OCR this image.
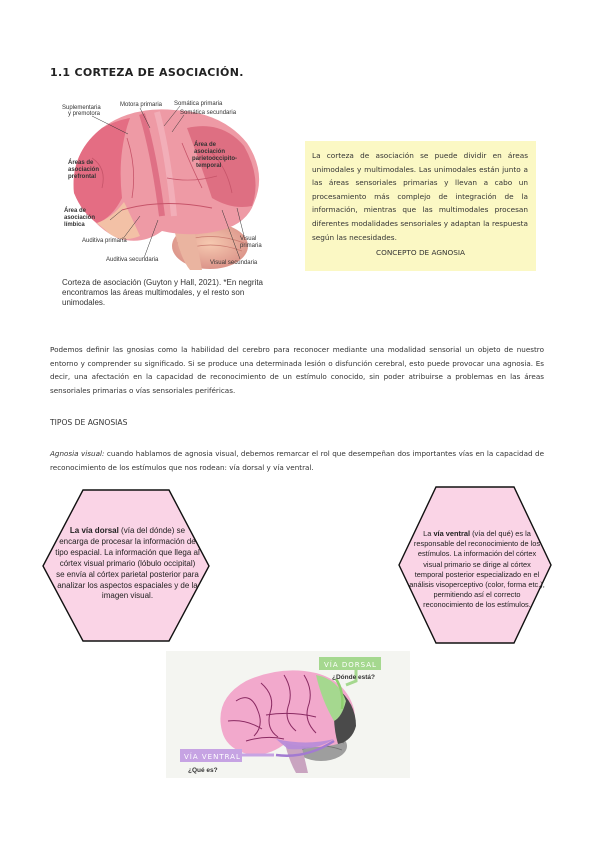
1.1 CORTEZA DE ASOCIACIÓN.
Suplementaria
y premotora
Motora primaria Somática primaria
Somática secundaria
Áreas de
asociación
prefrontal
Área de
asociación
límbica
Área de
asociación
parietooccipito-
temporal
Auditiva primaria
Auditiva secundaria
Visual
primaria
Visual secundaria
Corteza de asociación (Guyton y Hall, 2021). *En negrita encontramos las áreas multimodales, y el resto son unimodales.
La corteza de asociación se puede dividir en áreas unimodales y multimodales. Las unimodales están junto a las áreas sensoriales primarias y llevan a cabo un procesamiento más complejo de integración de la información, mientras que las multimodales procesan diferentes modalidades sensoriales y adaptan la respuesta según las necesidades.
CONCEPTO DE AGNOSIA
Podemos definir las gnosias como la habilidad del cerebro para reconocer mediante una modalidad sensorial un objeto de nuestro entorno y comprender su significado. Si se produce una determinada lesión o disfunción cerebral, esto puede provocar una agnosia. Es decir, una afectación en la capacidad de reconocimiento de un estímulo conocido, sin poder atribuirse a problemas en las áreas sensoriales primarias o vías sensoriales periféricas.
TIPOS DE AGNOSIAS
Agnosia visual: cuando hablamos de agnosia visual, debemos remarcar el rol que desempeñan dos importantes vías en la capacidad de reconocimiento de los estímulos que nos rodean: vía dorsal y vía ventral.
La vía dorsal (vía del dónde) se encarga de procesar la información de tipo espacial. La información que llega al córtex visual primario (lóbulo occipital) se envía al córtex parietal posterior para analizar los aspectos espaciales y de la imagen visual.
La vía ventral (vía del qué) es la responsable del reconocimiento de los estímulos. La información del córtex visual primario se dirige al córtex temporal posterior especializado en el análisis visoperceptivo (color, forma etc.), permitiendo así el correcto reconocimiento de los estímulos.
VÍA DORSAL
¿Dónde está?
VÍA VENTRAL
¿Qué es?
